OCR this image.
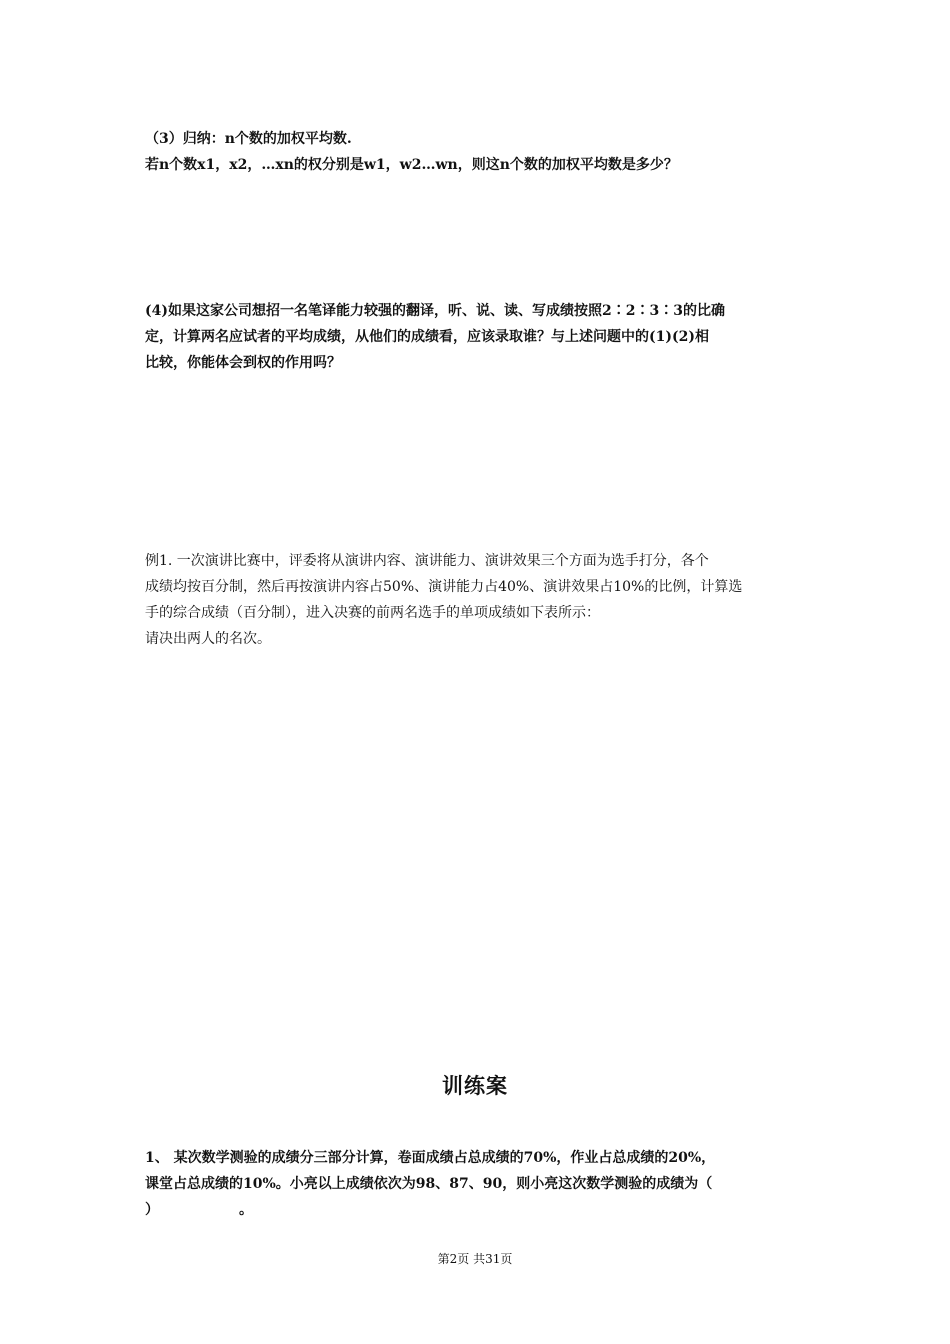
（3）归纳：n个数的加权平均数.
若n个数x1，x2，…xn的权分别是w1，w2…wn，则这n个数的加权平均数是多少？
(4)如果这家公司想招一名笔译能力较强的翻译，听、说、读、写成绩按照2∶2∶3∶3的比确
定，计算两名应试者的平均成绩，从他们的成绩看，应该录取谁？与上述问题中的(1)(2)相
比较，你能体会到权的作用吗？
例1. 一次演讲比赛中，评委将从演讲内容、演讲能力、演讲效果三个方面为选手打分，各个
成绩均按百分制，然后再按演讲内容占50%、演讲能力占40%、演讲效果占10%的比例，计算选
手的综合成绩（百分制），进入决赛的前两名选手的单项成绩如下表所示：
请决出两人的名次。
训练案
1、 某次数学测验的成绩分三部分计算，卷面成绩占总成绩的70%，作业占总成绩的20%，
课堂占总成绩的10%。小亮以上成绩依次为98、87、90，则小亮这次数学测验的成绩为（
）	。
第2页 共31页
